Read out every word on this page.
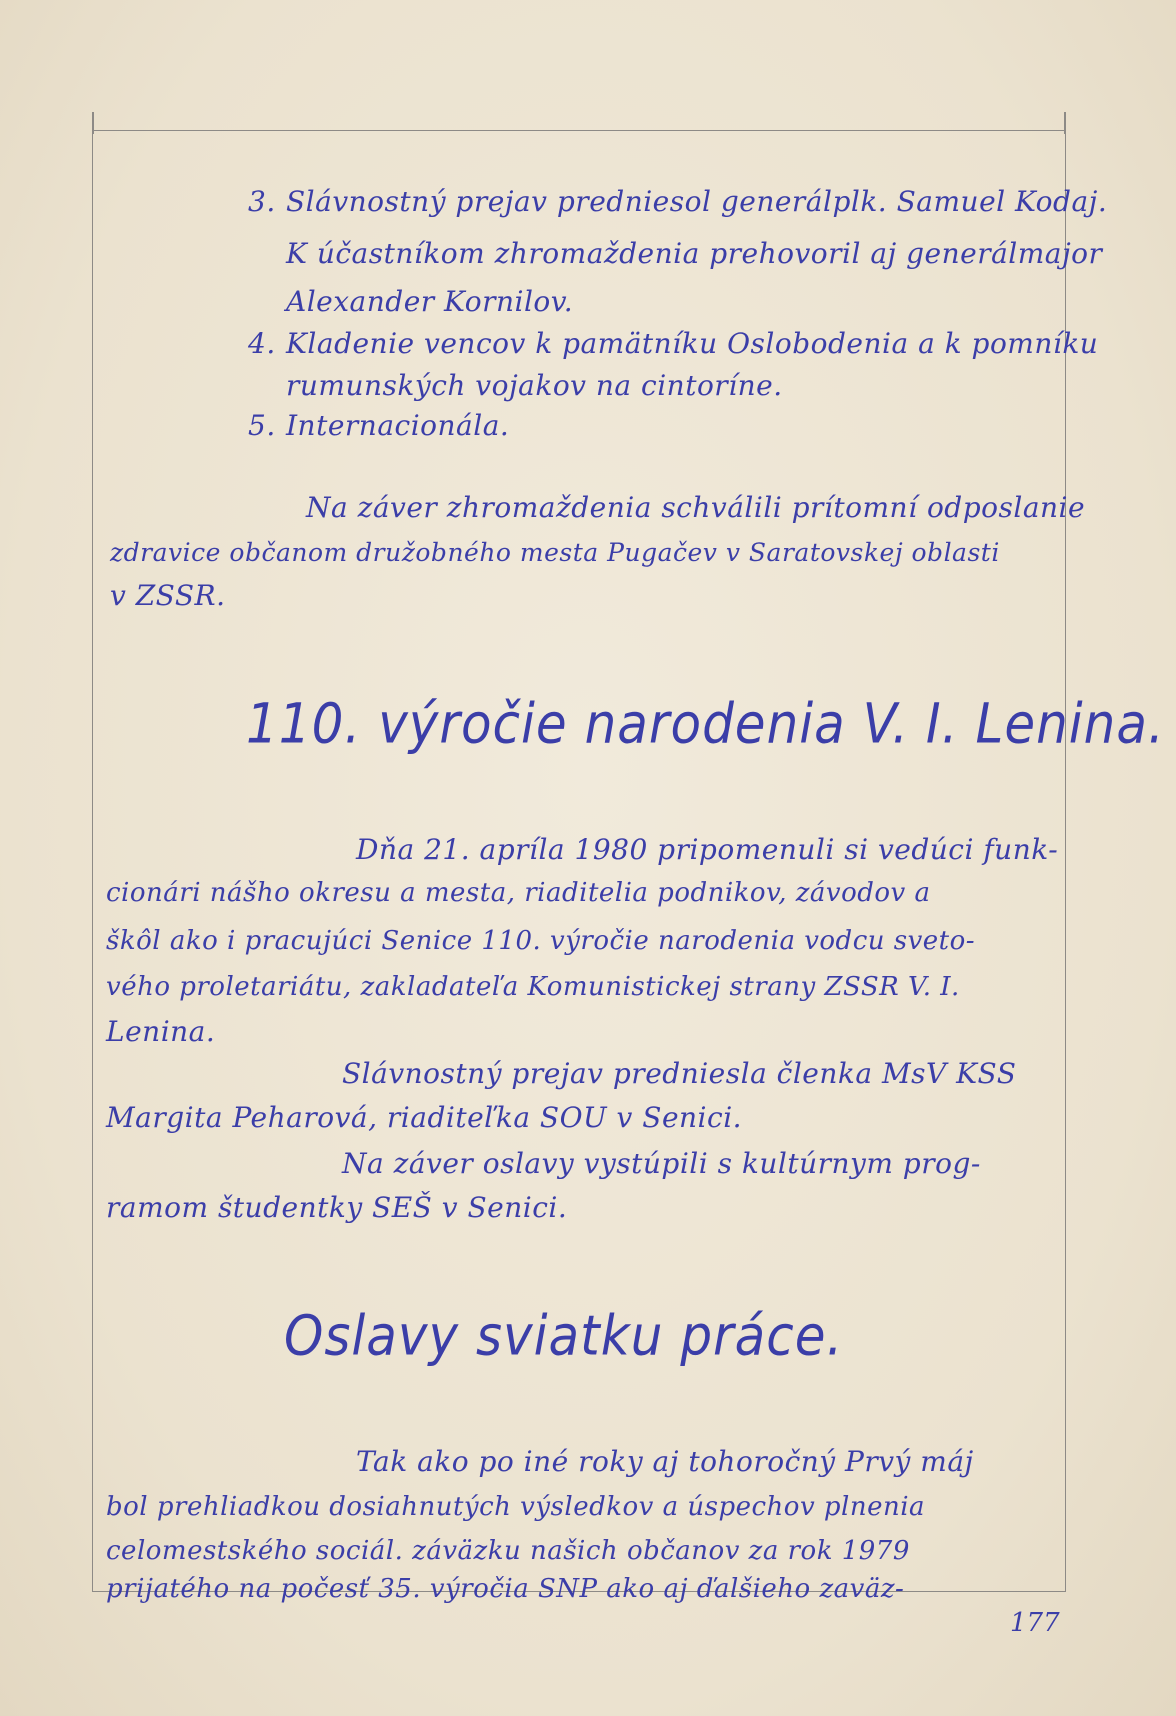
3. Slávnostný prejav predniesol generálplk. Samuel Kodaj.
K účastníkom zhromaždenia prehovoril aj generálmajor
Alexander Kornilov.
4. Kladenie vencov k pamätníku Oslobodenia a k pomníku
rumunských vojakov na cintoríne.
5. Internacionála.
Na záver zhromaždenia schválili prítomní odposlanie
zdravice občanom družobného mesta Pugačev v Saratovskej oblasti
v ZSSR.
110. výročie narodenia V. I. Lenina.
Dňa 21. apríla 1980 pripomenuli si vedúci funk-
cionári nášho okresu a mesta, riaditelia podnikov, závodov a
škôl ako i pracujúci Senice 110. výročie narodenia vodcu sveto-
vého proletariátu, zakladateľa Komunistickej strany ZSSR V. I.
Lenina.
Slávnostný prejav predniesla členka MsV KSS
Margita Peharová, riaditeľka SOU v Senici.
Na záver oslavy vystúpili s kultúrnym prog-
ramom študentky SEŠ v Senici.
Oslavy sviatku práce.
Tak ako po iné roky aj tohoročný Prvý máj
bol prehliadkou dosiahnutých výsledkov a úspechov plnenia
celomestského sociál. záväzku našich občanov za rok 1979
prijatého na počesť 35. výročia SNP ako aj ďalšieho zaväz-
177
